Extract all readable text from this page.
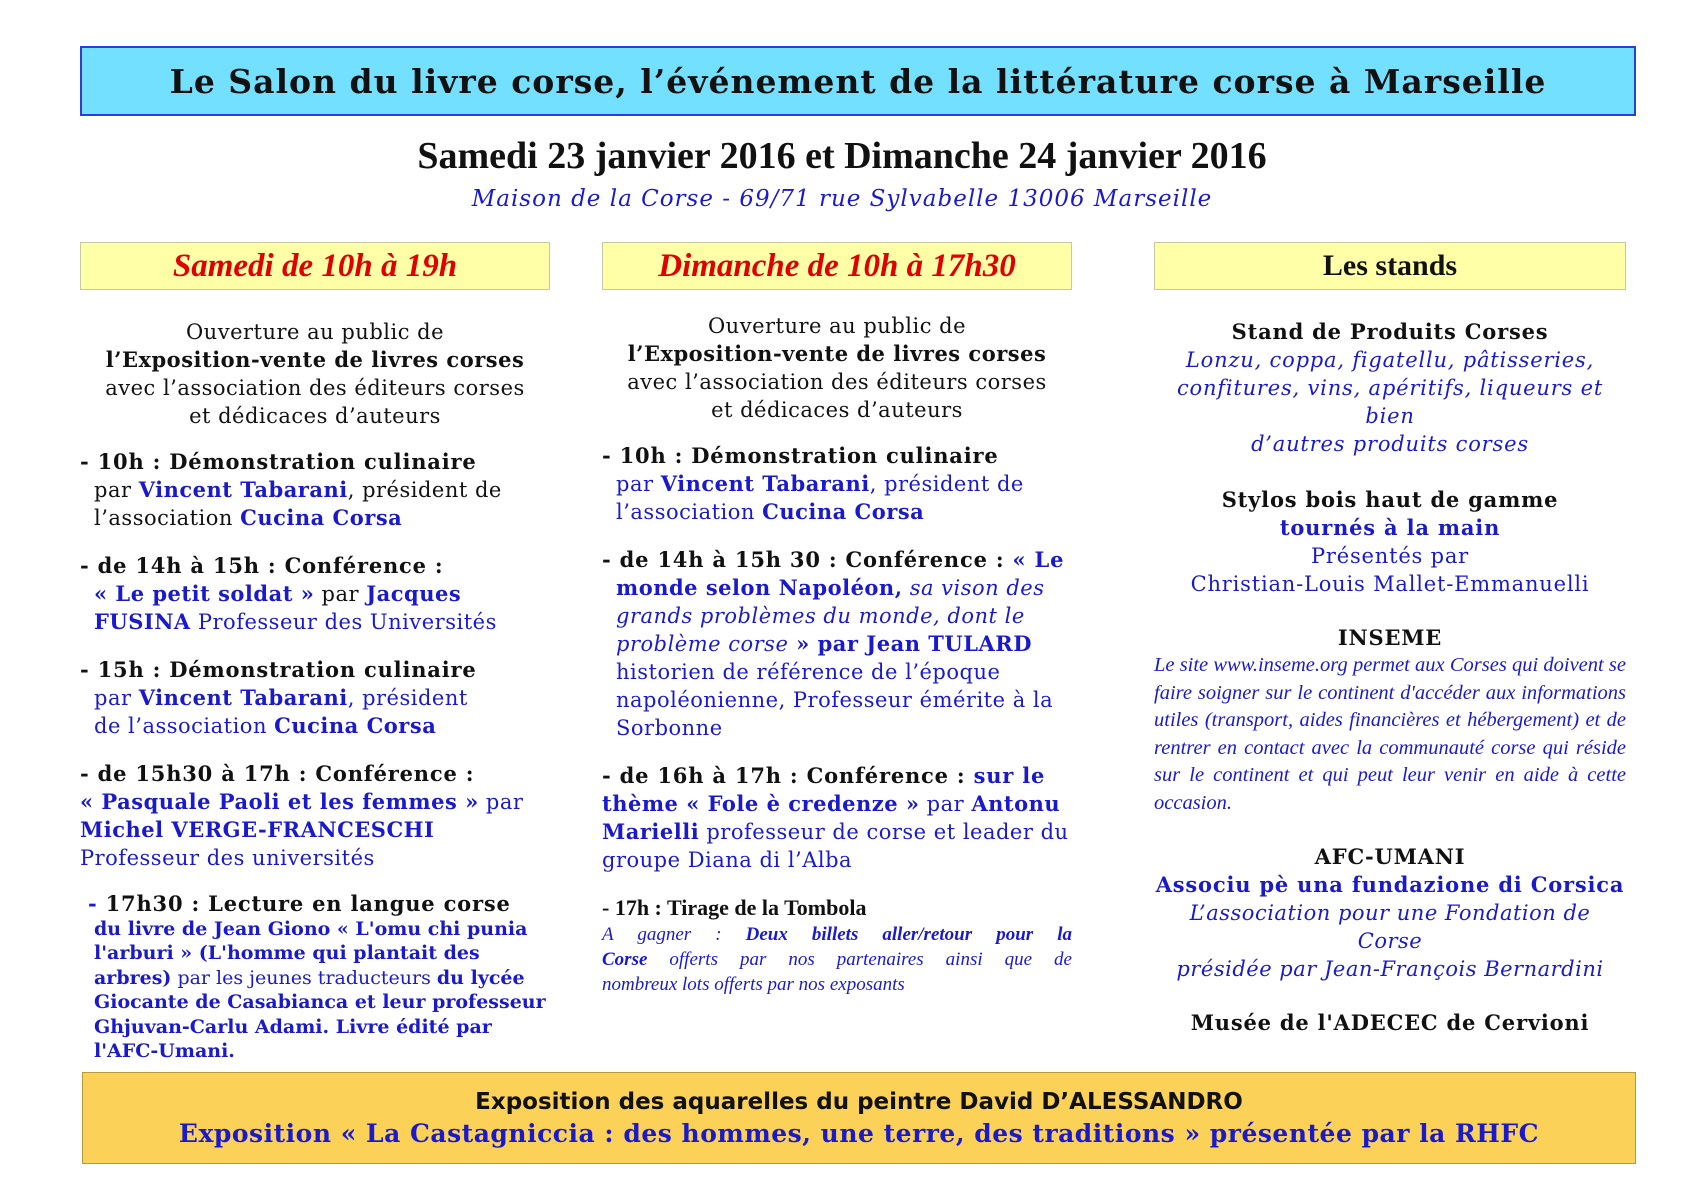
Le Salon du livre corse, l’événement de la littérature corse à Marseille
Samedi 23 janvier 2016 et Dimanche 24 janvier 2016
Maison de la Corse - 69/71 rue Sylvabelle 13006 Marseille
Samedi de 10h à 19h	Dimanche de 10h à 17h30	Les stands
Ouverture au public de
l’Exposition-vente de livres corses
avec l’association des éditeurs corses
et dédicaces d’auteurs
- 10h : Démonstration culinaire
par Vincent Tabarani, président de
l’association Cucina Corsa
- de 14h à 15h : Conférence :
« Le petit soldat » par Jacques
FUSINA Professeur des Universités
- 15h : Démonstration culinaire
par Vincent Tabarani, président
de l’association Cucina Corsa
- de 15h30 à 17h : Conférence :
« Pasquale Paoli et les femmes » par
Michel VERGE-FRANCESCHI
Professeur des universités
- 17h30 : Lecture en langue corse
du livre de Jean Giono « L'omu chi punia
l'arburi » (L'homme qui plantait des
arbres) par les jeunes traducteurs du lycée
Giocante de Casabianca et leur professeur
Ghjuvan-Carlu Adami. Livre édité par
l'AFC-Umani.
Ouverture au public de
l’Exposition-vente de livres corses
avec l’association des éditeurs corses
et dédicaces d’auteurs
- 10h : Démonstration culinaire
par Vincent Tabarani, président de
l’association Cucina Corsa
- de 14h à 15h 30 : Conférence : « Le
monde selon Napoléon, sa vison des
grands problèmes du monde, dont le
problème corse » par Jean TULARD
historien de référence de l’époque
napoléonienne, Professeur émérite à la
Sorbonne
- de 16h à 17h : Conférence : sur le
thème « Fole è credenze » par Antonu
Marielli professeur de corse et leader du
groupe Diana di l’Alba
- 17h : Tirage de la Tombola
A gagner : Deux billets aller/retour pour la
Corse offerts par nos partenaires ainsi que de
nombreux lots offerts par nos exposants
Stand de Produits Corses
Lonzu, coppa, figatellu, pâtisseries,
confitures, vins, apéritifs, liqueurs et bien
d’autres produits corses
Stylos bois haut de gamme
tournés à la main
Présentés par
Christian-Louis Mallet-Emmanuelli
INSEME
Le site www.inseme.org permet aux Corses qui doivent se faire soigner sur le continent d'accéder aux informations utiles (transport, aides financières et hébergement) et de rentrer en contact avec la communauté corse qui réside sur le continent et qui peut leur venir en aide à cette occasion.
AFC-UMANI
Associu pè una fundazione di Corsica
L’association pour une Fondation de Corse
présidée par Jean-François Bernardini
Musée de l'ADECEC de Cervioni
Exposition des aquarelles du peintre David D’ALESSANDRO
Exposition « La Castagniccia : des hommes, une terre, des traditions » présentée par la RHFC
